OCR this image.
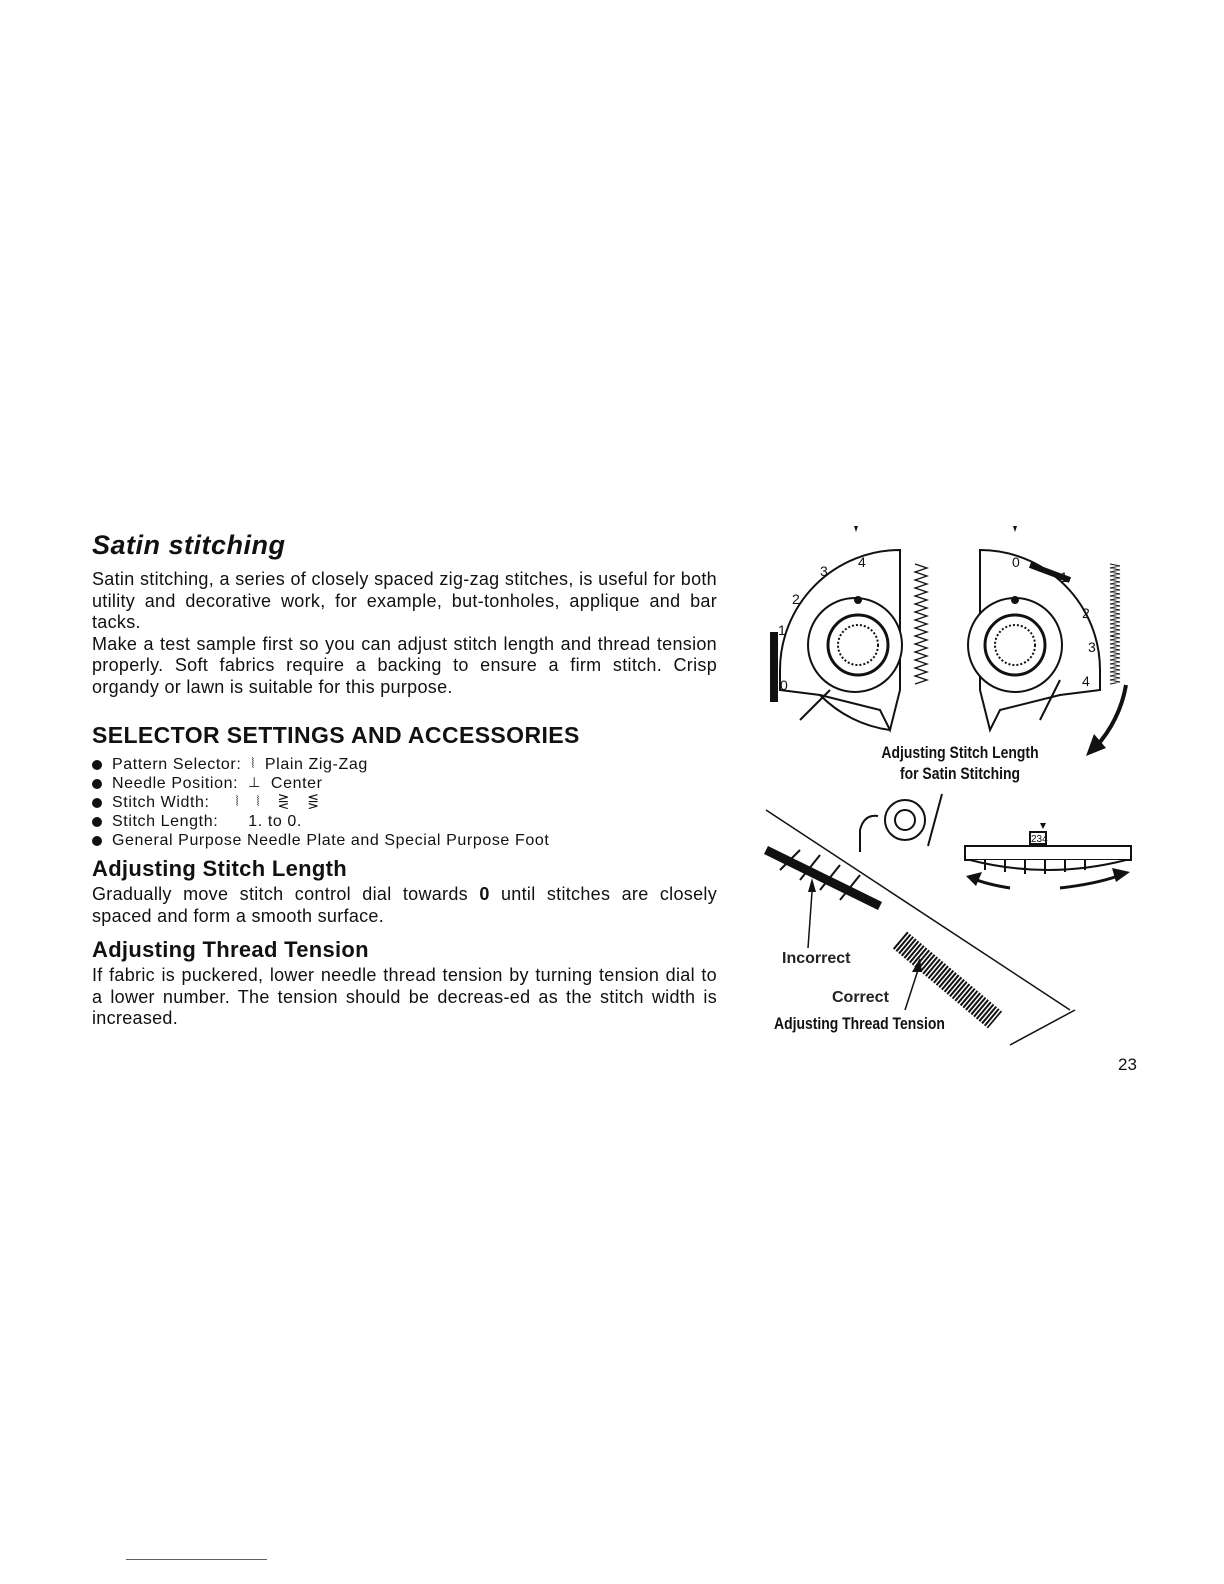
Satin stitching

Satin stitching, a series of closely spaced zig-zag stitches, is useful for both utility and decorative work, for example, but-tonholes, applique and bar tacks.

Make a test sample first so you can adjust stitch length and thread tension properly. Soft fabrics require a backing to ensure a firm stitch. Crisp organdy or lawn is suitable for this purpose.

SELECTOR SETTINGS AND ACCESSORIES
Pattern Selector: ⦚ Plain Zig-Zag
Needle Position: ⊥ Center
Stitch Width: ⦚⦚⋛⋚
Stitch Length: 1. to 0.
General Purpose Needle Plate and Special Purpose Foot
Adjusting Stitch Length

Gradually move stitch control dial towards 0 until stitches are closely spaced and form a smooth surface.

Adjusting Thread Tension

If fabric is puckered, lower needle thread tension by turning tension dial to a lower number. The tension should be decreas-ed as the stitch width is increased.

4
3
2
1
0
0
1
2
3
4
234
Adjusting Stitch Length
for Satin Stitching
Incorrect
Correct
Adjusting Thread Tension
23
